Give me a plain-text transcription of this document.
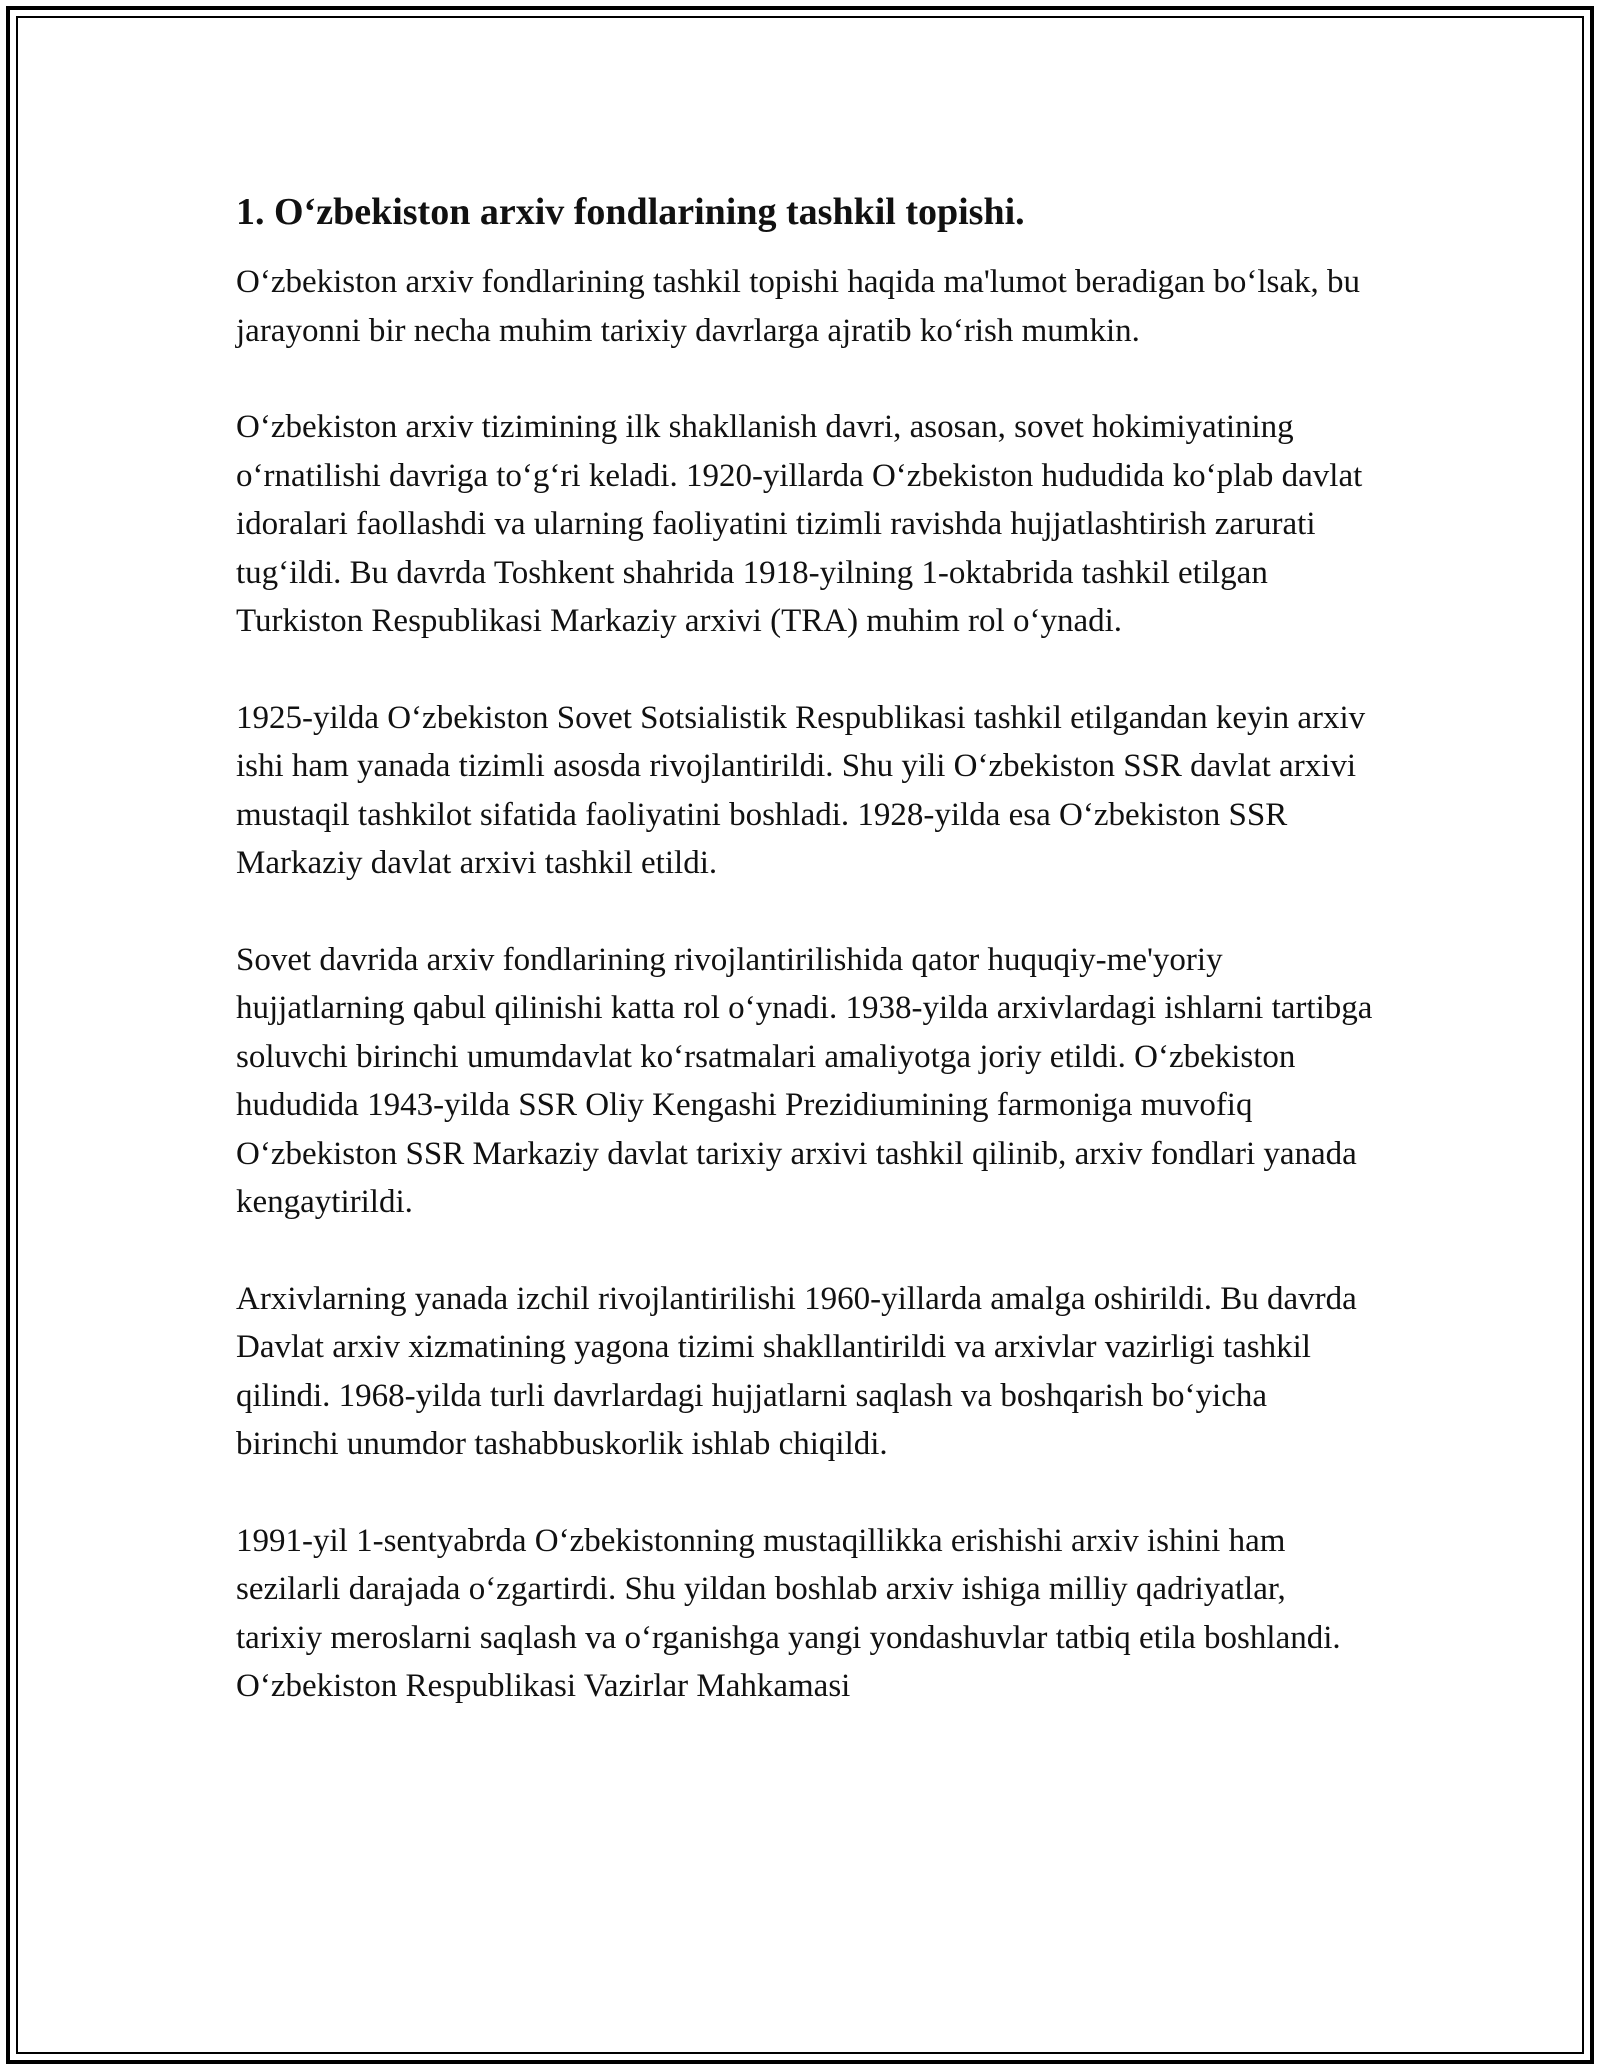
1. Oʻzbekiston arxiv fondlarining tashkil topishi.

Oʻzbekiston arxiv fondlarining tashkil topishi haqida ma'lumot beradigan boʻlsak, bu jarayonni bir necha muhim tarixiy davrlarga ajratib koʻrish mumkin.

Oʻzbekiston arxiv tizimining ilk shakllanish davri, asosan, sovet hokimiyatining oʻrnatilishi davriga toʻgʻri keladi. 1920-yillarda Oʻzbekiston hududida koʻplab davlat idoralari faollashdi va ularning faoliyatini tizimli ravishda hujjatlashtirish zarurati tugʻildi. Bu davrda Toshkent shahrida 1918-yilning 1-oktabrida tashkil etilgan Turkiston Respublikasi Markaziy arxivi (TRA) muhim rol oʻynadi.

1925-yilda Oʻzbekiston Sovet Sotsialistik Respublikasi tashkil etilgandan keyin arxiv ishi ham yanada tizimli asosda rivojlantirildi. Shu yili Oʻzbekiston SSR davlat arxivi mustaqil tashkilot sifatida faoliyatini boshladi. 1928-yilda esa Oʻzbekiston SSR Markaziy davlat arxivi tashkil etildi.

Sovet davrida arxiv fondlarining rivojlantirilishida qator huquqiy-me'yoriy hujjatlarning qabul qilinishi katta rol oʻynadi. 1938-yilda arxivlardagi ishlarni tartibga soluvchi birinchi umumdavlat koʻrsatmalari amaliyotga joriy etildi. Oʻzbekiston hududida 1943-yilda SSR Oliy Kengashi Prezidiumining farmoniga muvofiq Oʻzbekiston SSR Markaziy davlat tarixiy arxivi tashkil qilinib, arxiv fondlari yanada kengaytirildi.

Arxivlarning yanada izchil rivojlantirilishi 1960-yillarda amalga oshirildi. Bu davrda Davlat arxiv xizmatining yagona tizimi shakllantirildi va arxivlar vazirligi tashkil qilindi. 1968-yilda turli davrlardagi hujjatlarni saqlash va boshqarish boʻyicha birinchi unumdor tashabbuskorlik ishlab chiqildi.

1991-yil 1-sentyabrda Oʻzbekistonning mustaqillikka erishishi arxiv ishini ham sezilarli darajada oʻzgartirdi. Shu yildan boshlab arxiv ishiga milliy qadriyatlar, tarixiy meroslarni saqlash va oʻrganishga yangi yondashuvlar tatbiq etila boshlandi. Oʻzbekiston Respublikasi Vazirlar Mahkamasi
